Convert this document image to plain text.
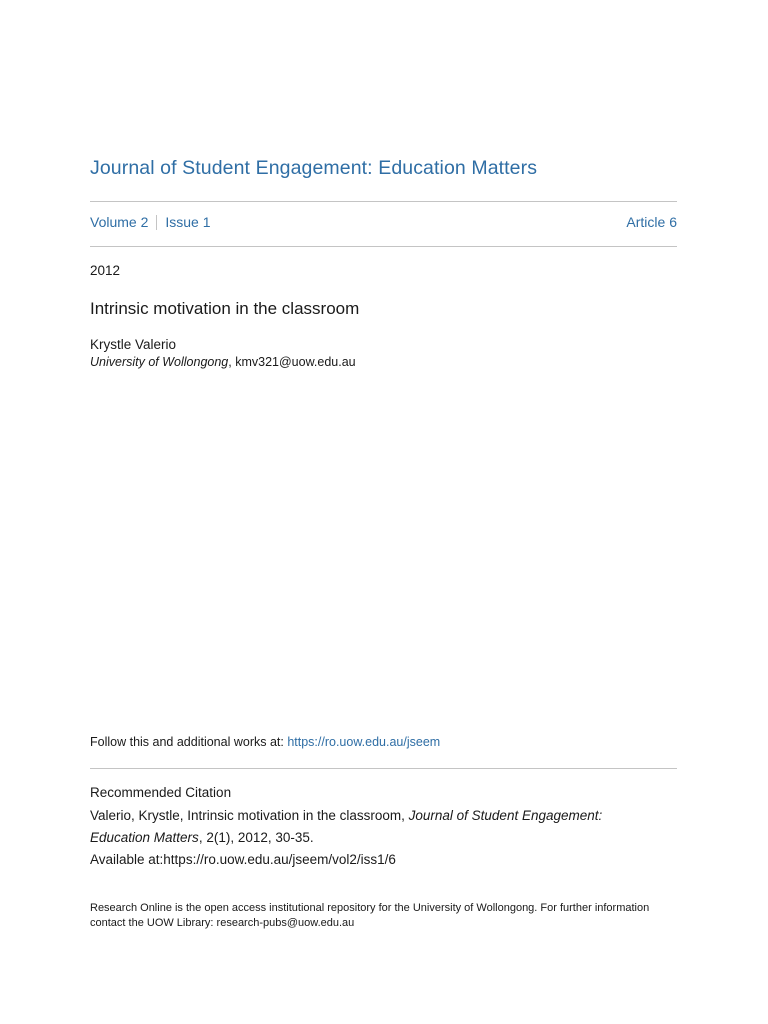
Journal of Student Engagement: Education Matters
Volume 2 Issue 1	Article 6
2012
Intrinsic motivation in the classroom
Krystle Valerio
University of Wollongong, kmv321@uow.edu.au
Follow this and additional works at: https://ro.uow.edu.au/jseem
Recommended Citation
Valerio, Krystle, Intrinsic motivation in the classroom, Journal of Student Engagement:
Education Matters, 2(1), 2012, 30-35.
Available at:https://ro.uow.edu.au/jseem/vol2/iss1/6
Research Online is the open access institutional repository for the University of Wollongong. For further information
contact the UOW Library: research-pubs@uow.edu.au
